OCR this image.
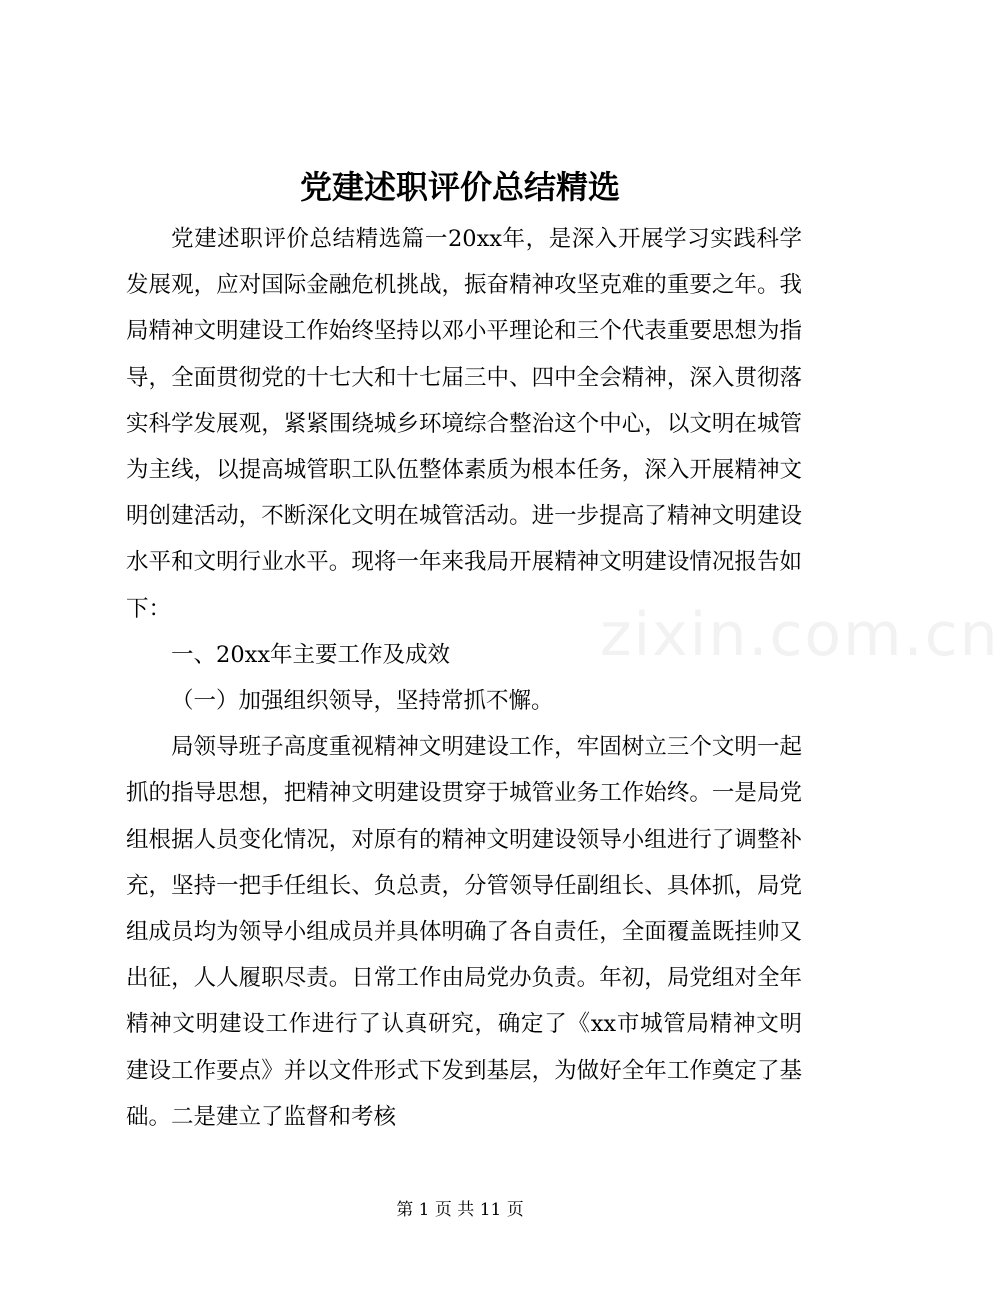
党建述职评价总结精选

党建述职评价总结精选篇一20xx年，是深入开展学习实践科学发展观，应对国际金融危机挑战，振奋精神攻坚克难的重要之年。我局精神文明建设工作始终坚持以邓小平理论和三个代表重要思想为指导，全面贯彻党的十七大和十七届三中、四中全会精神，深入贯彻落实科学发展观，紧紧围绕城乡环境综合整治这个中心，以文明在城管为主线，以提高城管职工队伍整体素质为根本任务，深入开展精神文明创建活动，不断深化文明在城管活动。进一步提高了精神文明建设水平和文明行业水平。现将一年来我局开展精神文明建设情况报告如下：

一、20xx年主要工作及成效

（一）加强组织领导，坚持常抓不懈。

局领导班子高度重视精神文明建设工作，牢固树立三个文明一起抓的指导思想，把精神文明建设贯穿于城管业务工作始终。一是局党组根据人员变化情况，对原有的精神文明建设领导小组进行了调整补充，坚持一把手任组长、负总责，分管领导任副组长、具体抓，局党组成员均为领导小组成员并具体明确了各自责任，全面覆盖既挂帅又出征，人人履职尽责。日常工作由局党办负责。年初，局党组对全年精神文明建设工作进行了认真研究，确定了《xx市城管局精神文明建设工作要点》并以文件形式下发到基层，为做好全年工作奠定了基础。二是建立了监督和考核

zixin.com.cn
第 1 页 共 11 页
